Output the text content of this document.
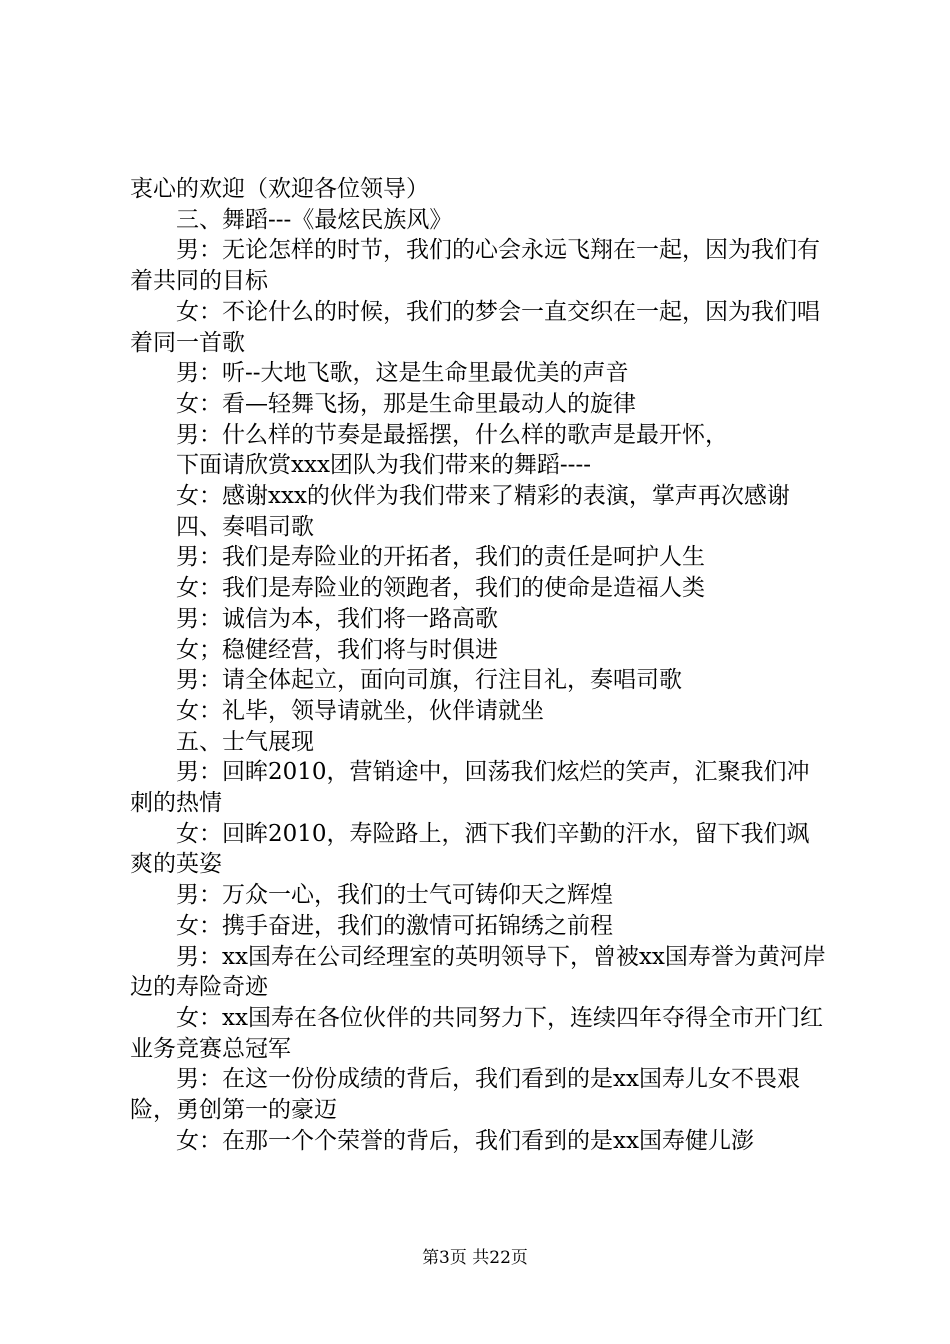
衷心的欢迎（欢迎各位领导）

三、舞蹈---《最炫民族风》

男：无论怎样的时节，我们的心会永远飞翔在一起，因为我们有着共同的目标

女：不论什么的时候，我们的梦会一直交织在一起，因为我们唱着同一首歌

男：听--大地飞歌，这是生命里最优美的声音

女：看—轻舞飞扬，那是生命里最动人的旋律

男：什么样的节奏是最摇摆，什么样的歌声是最开怀，

下面请欣赏xxx团队为我们带来的舞蹈----

女：感谢xxx的伙伴为我们带来了精彩的表演，掌声再次感谢

四、奏唱司歌

男：我们是寿险业的开拓者，我们的责任是呵护人生

女：我们是寿险业的领跑者，我们的使命是造福人类

男：诚信为本，我们将一路高歌

女；稳健经营，我们将与时俱进

男：请全体起立，面向司旗，行注目礼，奏唱司歌

女：礼毕，领导请就坐，伙伴请就坐

五、士气展现

男：回眸2010，营销途中，回荡我们炫烂的笑声，汇聚我们冲刺的热情

女：回眸2010，寿险路上，洒下我们辛勤的汗水，留下我们飒爽的英姿

男：万众一心，我们的士气可铸仰天之辉煌

女：携手奋进，我们的激情可拓锦绣之前程

男：xx国寿在公司经理室的英明领导下，曾被xx国寿誉为黄河岸边的寿险奇迹

女：xx国寿在各位伙伴的共同努力下，连续四年夺得全市开门红业务竞赛总冠军

男：在这一份份成绩的背后，我们看到的是xx国寿儿女不畏艰险，勇创第一的豪迈

女：在那一个个荣誉的背后，我们看到的是xx国寿健儿澎

第3页 共22页
